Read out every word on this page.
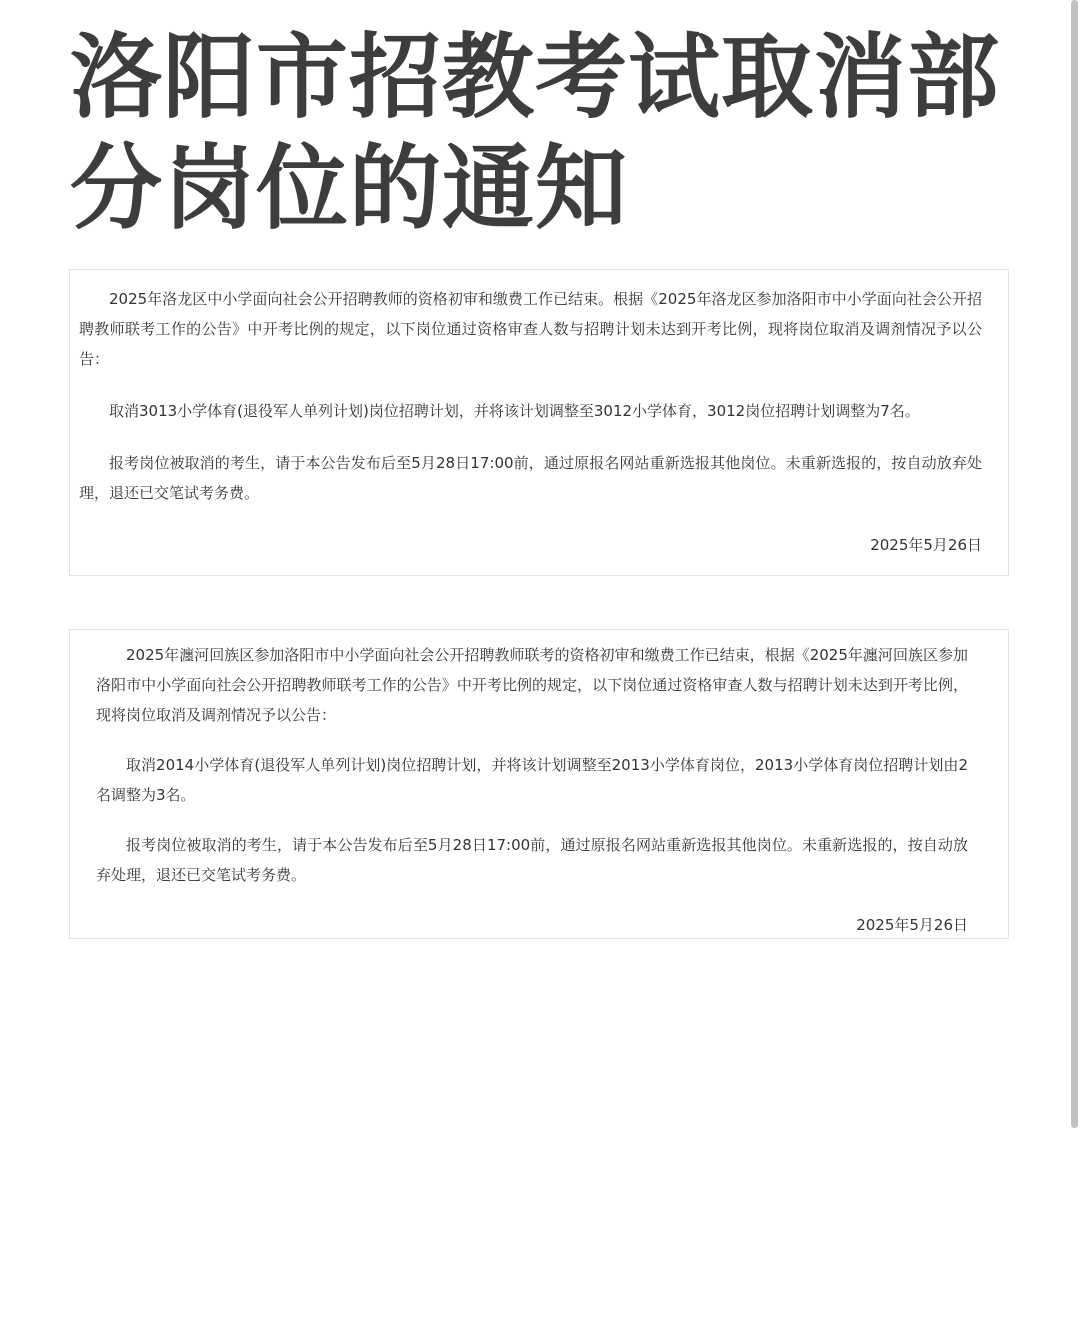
洛阳市招教考试取消部分岗位的通知

2025年洛龙区中小学面向社会公开招聘教师的资格初审和缴费工作已结束。根据《2025年洛龙区参加洛阳市中小学面向社会公开招聘教师联考工作的公告》中开考比例的规定，以下岗位通过资格审查人数与招聘计划未达到开考比例，现将岗位取消及调剂情况予以公告：

取消3013小学体育(退役军人单列计划)岗位招聘计划，并将该计划调整至3012小学体育，3012岗位招聘计划调整为7名。

报考岗位被取消的考生，请于本公告发布后至5月28日17:00前，通过原报名网站重新选报其他岗位。未重新选报的，按自动放弃处理，退还已交笔试考务费。

2025年5月26日

2025年瀍河回族区参加洛阳市中小学面向社会公开招聘教师联考的资格初审和缴费工作已结束，根据《2025年瀍河回族区参加洛阳市中小学面向社会公开招聘教师联考工作的公告》中开考比例的规定，以下岗位通过资格审查人数与招聘计划未达到开考比例，现将岗位取消及调剂情况予以公告：

取消2014小学体育(退役军人单列计划)岗位招聘计划，并将该计划调整至2013小学体育岗位，2013小学体育岗位招聘计划由2名调整为3名。

报考岗位被取消的考生，请于本公告发布后至5月28日17:00前，通过原报名网站重新选报其他岗位。未重新选报的，按自动放弃处理，退还已交笔试考务费。

2025年5月26日
